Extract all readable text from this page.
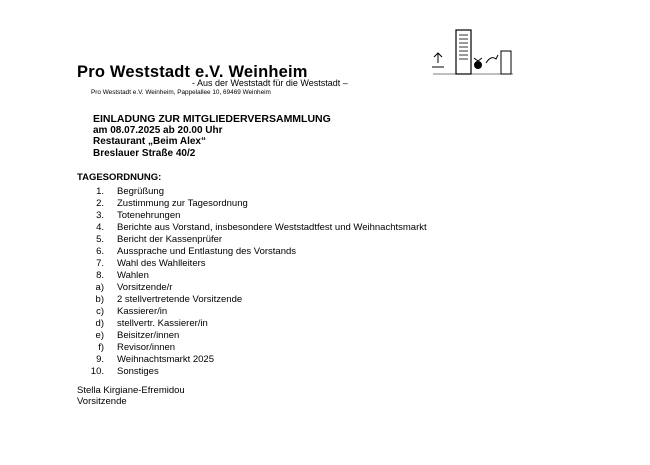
Pro Weststadt e.V. Weinheim
- Aus der Weststadt für die Weststadt –
Pro Weststadt e.V. Weinheim, Pappelallee 10, 69469 Weinheim
EINLADUNG ZUR MITGLIEDERVERSAMMLUNG
am 08.07.2025 ab 20.00 Uhr
Restaurant „Beim Alex“
Breslauer Straße 40/2
TAGESORDNUNG:
1. Begrüßung
2. Zustimmung zur Tagesordnung
3. Totenehrungen
4. Berichte aus Vorstand, insbesondere Weststadtfest und Weihnachtsmarkt
5. Bericht der Kassenprüfer
6. Aussprache und Entlastung des Vorstands
7. Wahl des Wahlleiters
8. Wahlen
a) Vorsitzende/r
b) 2 stellvertretende Vorsitzende
c) Kassierer/in
d) stellvertr. Kassierer/in
e) Beisitzer/innen
f) Revisor/innen
9. Weihnachtsmarkt 2025
10. Sonstiges
Stella Kirgiane-Efremidou
Vorsitzende
